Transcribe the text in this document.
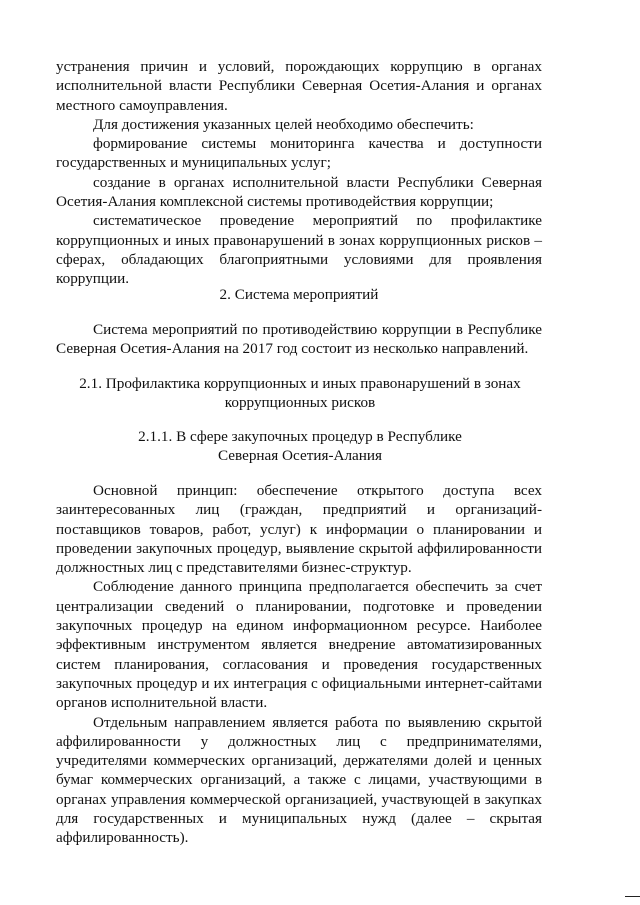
устранения причин и условий, порождающих коррупцию в органах исполнительной власти Республики Северная Осетия-Алания и органах местного самоуправления.

Для достижения указанных целей необходимо обеспечить:

формирование системы мониторинга качества и доступности государственных и муниципальных услуг;

создание в органах исполнительной власти Республики Северная Осетия-Алания комплексной системы противодействия коррупции;

систематическое проведение мероприятий по профилактике коррупционных и иных правонарушений в зонах коррупционных рисков – сферах, обладающих благоприятными условиями для проявления коррупции.

2. Система мероприятий

Система мероприятий по противодействию коррупции в Республике Северная Осетия-Алания на 2017 год состоит из несколько направлений.

2.1. Профилактика коррупционных и иных правонарушений в зонах коррупционных рисков
2.1.1. В сфере закупочных процедур в Республике Северная Осетия-Алания

Основной принцип: обеспечение открытого доступа всех заинтересованных лиц (граждан, предприятий и организаций-поставщиков товаров, работ, услуг) к информации о планировании и проведении закупочных процедур, выявление скрытой аффилированности должностных лиц с представителями бизнес-структур.

Соблюдение данного принципа предполагается обеспечить за счет централизации сведений о планировании, подготовке и проведении закупочных процедур на едином информационном ресурсе. Наиболее эффективным инструментом является внедрение автоматизированных систем планирования, согласования и проведения государственных закупочных процедур и их интеграция с официальными интернет-сайтами органов исполнительной власти.

Отдельным направлением является работа по выявлению скрытой аффилированности у должностных лиц с предпринимателями, учредителями коммерческих организаций, держателями долей и ценных бумаг коммерческих организаций, а также с лицами, участвующими в органах управления коммерческой организацией, участвующей в закупках для государственных и муниципальных нужд (далее – скрытая аффилированность).
